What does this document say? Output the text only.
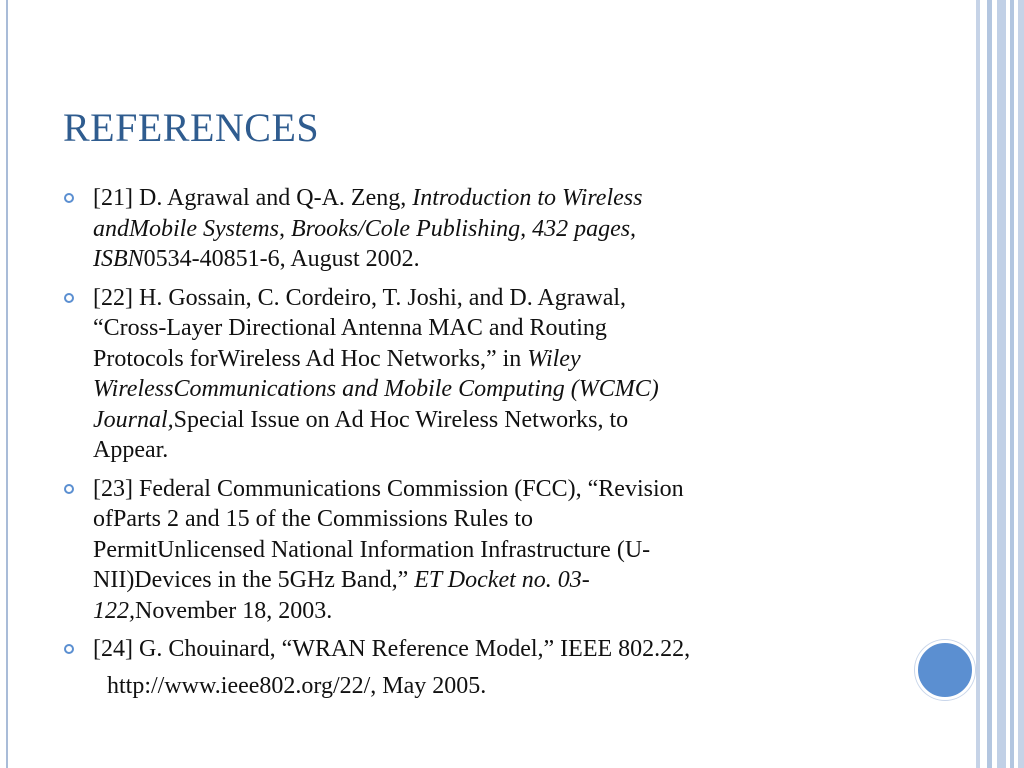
REFERENCES
[21] D. Agrawal and Q-A. Zeng, Introduction to Wireless
andMobile Systems, Brooks/Cole Publishing, 432 pages,
ISBN0534-40851-6, August 2002.
[22] H. Gossain, C. Cordeiro, T. Joshi, and D. Agrawal,
“Cross-Layer Directional Antenna MAC and Routing
Protocols forWireless Ad Hoc Networks,” in Wiley
WirelessCommunications and Mobile Computing (WCMC)
Journal,Special Issue on Ad Hoc Wireless Networks, to
Appear.
[23] Federal Communications Commission (FCC), “Revision
ofParts 2 and 15 of the Commissions Rules to
PermitUnlicensed National Information Infrastructure (U-
NII)Devices in the 5GHz Band,” ET Docket no. 03-
122,November 18, 2003.
[24] G. Chouinard, “WRAN Reference Model,” IEEE 802.22,
http://www.ieee802.org/22/, May 2005.
